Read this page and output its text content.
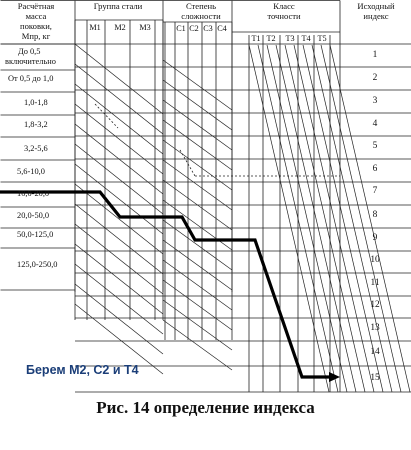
Расчётная
масса
поковки,
Мпр, кг
Группа стали
М1 М2 М3
Степень
сложности
С1 С2 С3 С4
Класс
точности
Т1 Т2 Т3 Т4 Т5
Исходный
индекс
До 0,5
включительно
От 0,5 до 1,0
1,0-1,8
1,8-3,2
3,2-5,6
5,6-10,0
10,0-20,0
20,0-50,0
50,0-125,0
125,0-250,0
1
2
3
4
5
6
7
8
9
10
11
12
13
14
15
Берем М2, С2 и Т4
Рис. 14 определение индекса
